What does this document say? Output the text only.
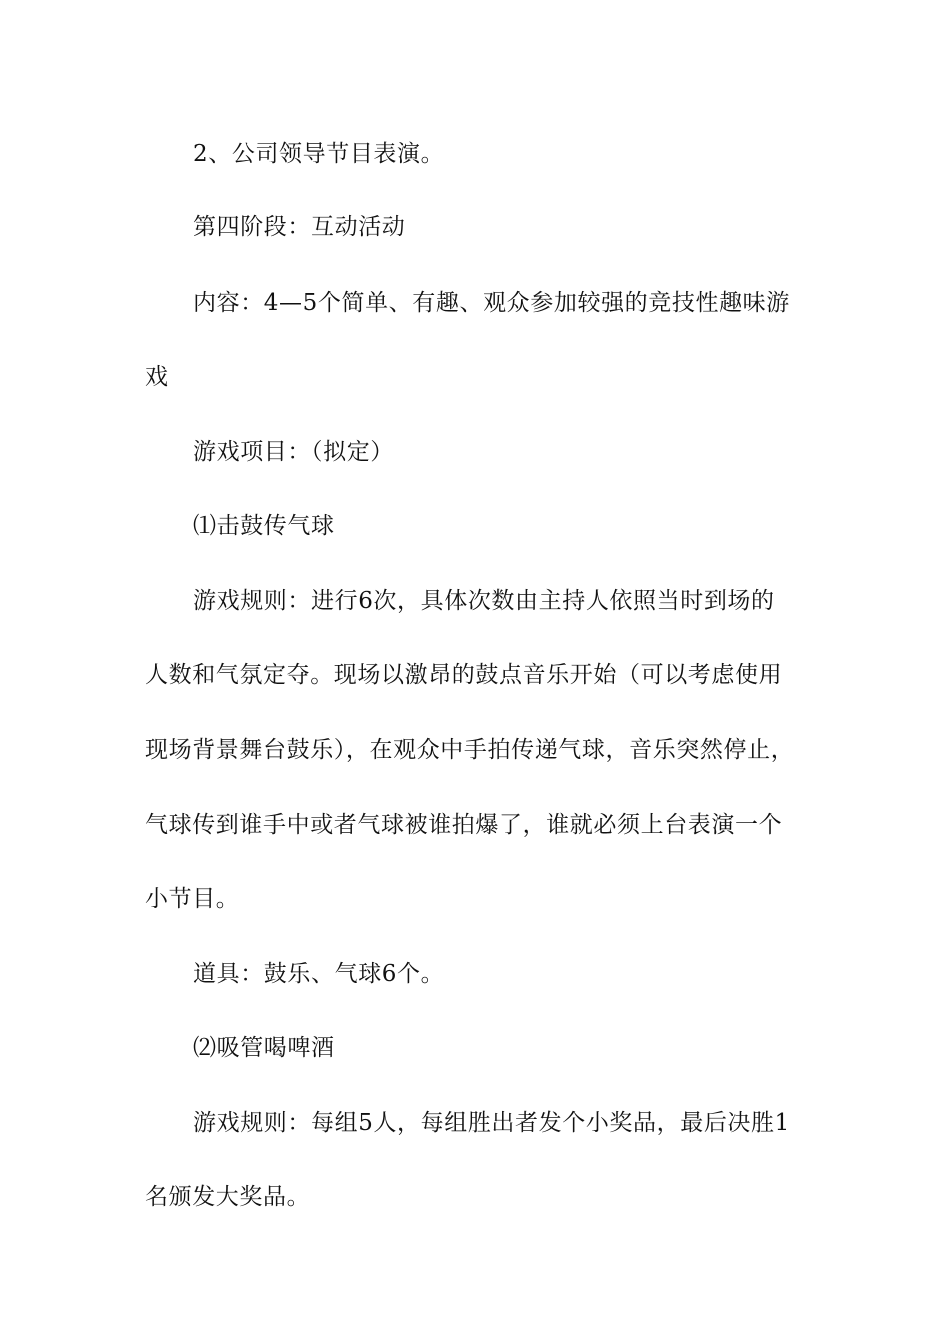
2、公司领导节目表演。
第四阶段：互动活动
内容：4—5个简单、有趣、观众参加较强的竞技性趣味游
戏
游戏项目：（拟定）
⑴击鼓传气球
游戏规则：进行6次，具体次数由主持人依照当时到场的
人数和气氛定夺。现场以激昂的鼓点音乐开始（可以考虑使用
现场背景舞台鼓乐），在观众中手拍传递气球，音乐突然停止，
气球传到谁手中或者气球被谁拍爆了，谁就必须上台表演一个
小节目。
道具：鼓乐、气球6个。
⑵吸管喝啤酒
游戏规则：每组5人，每组胜出者发个小奖品，最后决胜1
名颁发大奖品。
